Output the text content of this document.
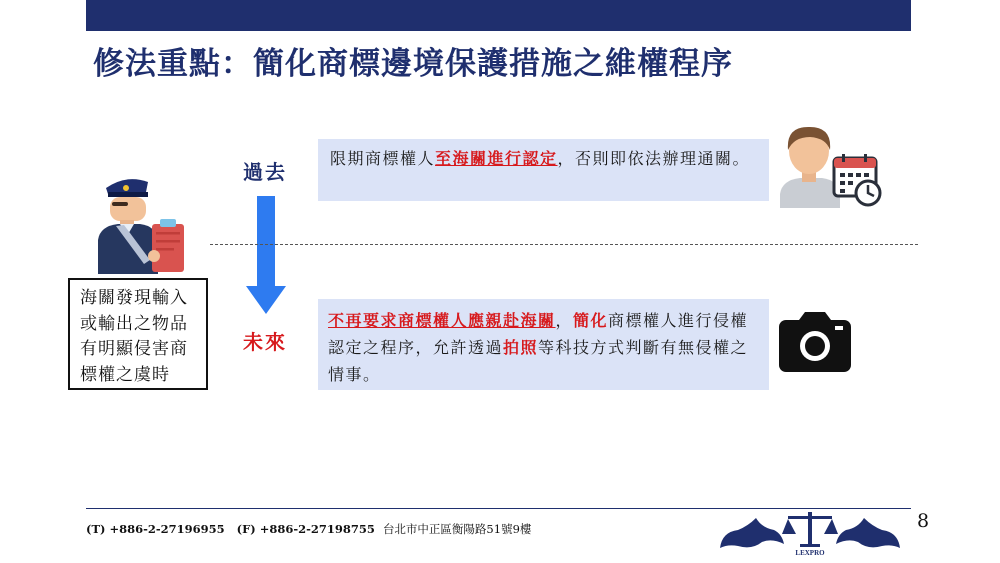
修法重點：簡化商標邊境保護措施之維權程序
海關發現輸入
或輸出之物品
有明顯侵害商
標權之虞時
過去
未來
限期商標權人至海關進行認定，否則即依法辦理通關。
不再要求商標權人應親赴海關，簡化商標權人進行侵權認定之程序，允許透過拍照等科技方式判斷有無侵權之情事。
(T) +886-2-27196955 (F) +886-2-27198755 台北市中正區衡陽路51號9樓
LEXPRO
8
